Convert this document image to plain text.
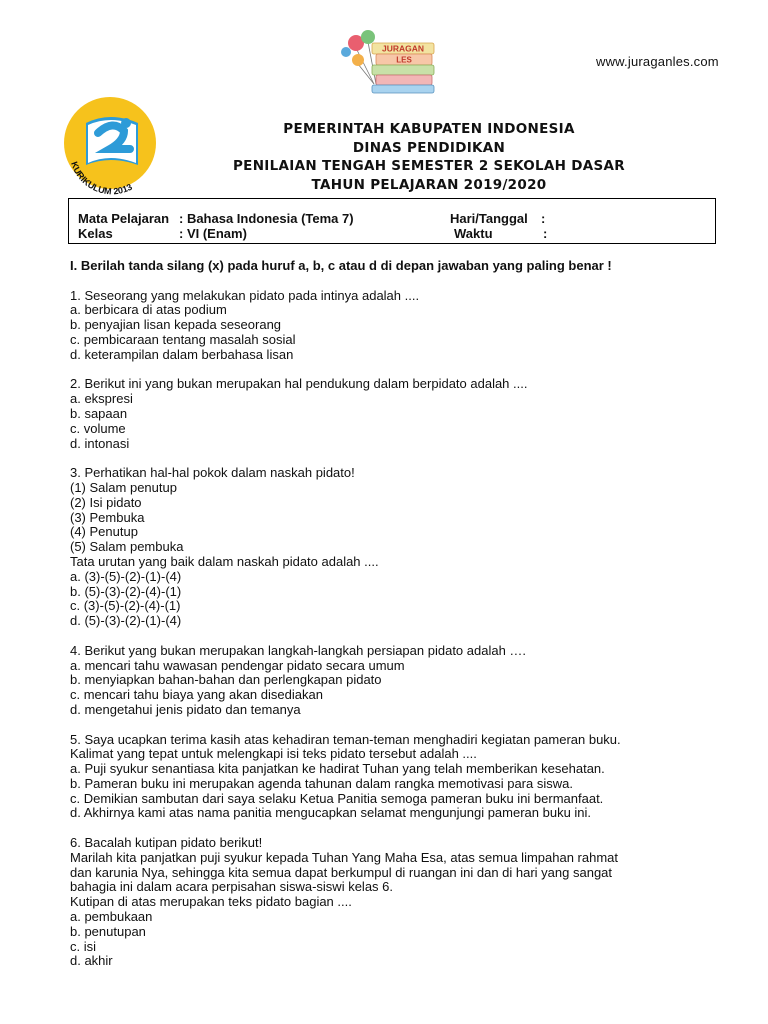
JURAGAN
LES	www.juraganles.com
KURIKULUM 2013
PEMERINTAH KABUPATEN INDONESIA
DINAS PENDIDIKAN
PENILAIAN TENGAH SEMESTER 2 SEKOLAH DASAR
TAHUN PELAJARAN 2019/2020
Mata Pelajaran : Bahasa Indonesia (Tema 7)
Kelas	: VI (Enam)
Hari/Tanggal :
Waktu	:

I. Berilah tanda silang (x) pada huruf a, b, c atau d di depan jawaban yang paling benar !

1. Seseorang yang melakukan pidato pada intinya adalah ....

a. berbicara di atas podium

b. penyajian lisan kepada seseorang

c. pembicaraan tentang masalah sosial

d. keterampilan dalam berbahasa lisan

2. Berikut ini yang bukan merupakan hal pendukung dalam berpidato adalah ....

a. ekspresi

b. sapaan

c. volume

d. intonasi

3. Perhatikan hal-hal pokok dalam naskah pidato!

(1) Salam penutup

(2) Isi pidato

(3) Pembuka

(4) Penutup

(5) Salam pembuka

Tata urutan yang baik dalam naskah pidato adalah ....

a. (3)-(5)-(2)-(1)-(4)

b. (5)-(3)-(2)-(4)-(1)

c. (3)-(5)-(2)-(4)-(1)

d. (5)-(3)-(2)-(1)-(4)

4. Berikut yang bukan merupakan langkah-langkah persiapan pidato adalah ….

a. mencari tahu wawasan pendengar pidato secara umum

b. menyiapkan bahan-bahan dan perlengkapan pidato

c. mencari tahu biaya yang akan disediakan

d. mengetahui jenis pidato dan temanya

5. Saya ucapkan terima kasih atas kehadiran teman-teman menghadiri kegiatan pameran buku.

Kalimat yang tepat untuk melengkapi isi teks pidato tersebut adalah ....

a. Puji syukur senantiasa kita panjatkan ke hadirat Tuhan yang telah memberikan kesehatan.

b. Pameran buku ini merupakan agenda tahunan dalam rangka memotivasi para siswa.

c. Demikian sambutan dari saya selaku Ketua Panitia semoga pameran buku ini bermanfaat.

d. Akhirnya kami atas nama panitia mengucapkan selamat mengunjungi pameran buku ini.

6. Bacalah kutipan pidato berikut!

Marilah kita panjatkan puji syukur kepada Tuhan Yang Maha Esa, atas semua limpahan rahmat

dan karunia Nya, sehingga kita semua dapat berkumpul di ruangan ini dan di hari yang sangat

bahagia ini dalam acara perpisahan siswa-siswi kelas 6.

Kutipan di atas merupakan teks pidato bagian ....

a. pembukaan

b. penutupan

c. isi

d. akhir
